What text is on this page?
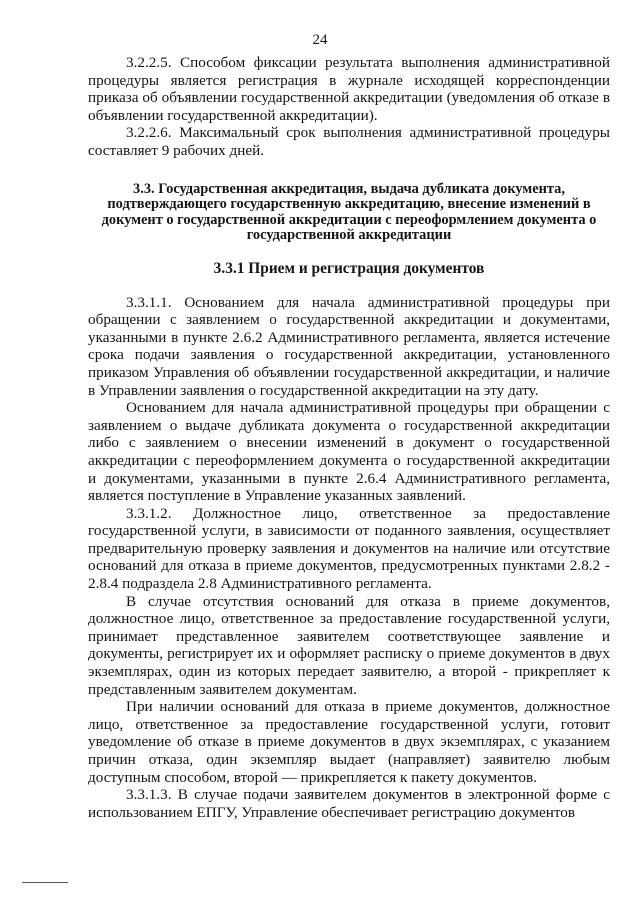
24

3.2.2.5. Способом фиксации результата выполнения административной процедуры является регистрация в журнале исходящей корреспонденции приказа об объявлении государственной аккредитации (уведомления об отказе в объявлении государственной аккредитации).

3.2.2.6. Максимальный срок выполнения административной процедуры составляет 9 рабочих дней.

3.3. Государственная аккредитация, выдача дубликата документа, подтверждающего государственную аккредитацию, внесение изменений в документ о государственной аккредитации с переоформлением документа о государственной аккредитации
3.3.1 Прием и регистрация документов

3.3.1.1. Основанием для начала административной процедуры при обращении с заявлением о государственной аккредитации и документами, указанными в пункте 2.6.2 Административного регламента, является истечение срока подачи заявления о государственной аккредитации, установленного приказом Управления об объявлении государственной аккредитации, и наличие в Управлении заявления о государственной аккредитации на эту дату.

Основанием для начала административной процедуры при обращении с заявлением о выдаче дубликата документа о государственной аккредитации либо с заявлением о внесении изменений в документ о государственной аккредитации с переоформлением документа о государственной аккредитации и документами, указанными в пункте 2.6.4 Административного регламента, является поступление в Управление указанных заявлений.

3.3.1.2. Должностное лицо, ответственное за предоставление государственной услуги, в зависимости от поданного заявления, осуществляет предварительную проверку заявления и документов на наличие или отсутствие оснований для отказа в приеме документов, предусмотренных пунктами 2.8.2 - 2.8.4 подраздела 2.8 Административного регламента.

В случае отсутствия оснований для отказа в приеме документов, должностное лицо, ответственное за предоставление государственной услуги, принимает представленное заявителем соответствующее заявление и документы, регистрирует их и оформляет расписку о приеме документов в двух экземплярах, один из которых передает заявителю, а второй - прикрепляет к представленным заявителем документам.

При наличии оснований для отказа в приеме документов, должностное лицо, ответственное за предоставление государственной услуги, готовит уведомление об отказе в приеме документов в двух экземплярах, с указанием причин отказа, один экземпляр выдает (направляет) заявителю любым доступным способом, второй — прикрепляется к пакету документов.

3.3.1.3. В случае подачи заявителем документов в электронной форме с использованием ЕПГУ, Управление обеспечивает регистрацию документов
